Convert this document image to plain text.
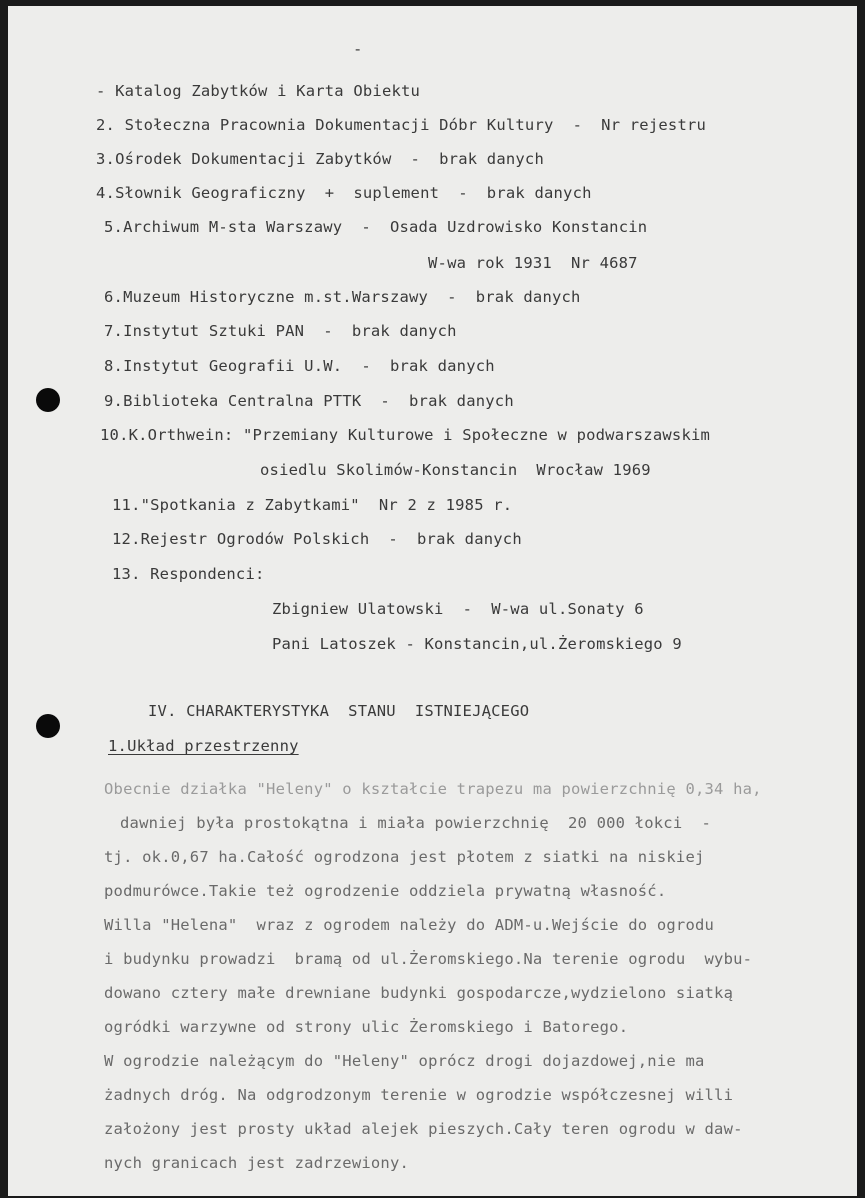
-
- Katalog Zabytków i Karta Obiektu
2. Stołeczna Pracownia Dokumentacji Dóbr Kultury  -  Nr rejestru
3.Ośrodek Dokumentacji Zabytków  -  brak danych
4.Słownik Geograficzny  +  suplement  -  brak danych
5.Archiwum M-sta Warszawy  -  Osada Uzdrowisko Konstancin
W-wa rok 1931  Nr 4687
6.Muzeum Historyczne m.st.Warszawy  -  brak danych
7.Instytut Sztuki PAN  -  brak danych
8.Instytut Geografii U.W.  -  brak danych
9.Biblioteka Centralna PTTK  -  brak danych
10.K.Orthwein: "Przemiany Kulturowe i Społeczne w podwarszawskim
osiedlu Skolimów-Konstancin  Wrocław 1969
11."Spotkania z Zabytkami"  Nr 2 z 1985 r.
12.Rejestr Ogrodów Polskich  -  brak danych
13. Respondenci:
Zbigniew Ulatowski  -  W-wa ul.Sonaty 6
Pani Latoszek - Konstancin,ul.Żeromskiego 9
IV. CHARAKTERYSTYKA  STANU  ISTNIEJĄCEGO
1.Układ przestrzenny
Obecnie działka "Heleny" o kształcie trapezu ma powierzchnię 0,34 ha,
dawniej była prostokątna i miała powierzchnię  20 000 łokci  -
tj. ok.0,67 ha.Całość ogrodzona jest płotem z siatki na niskiej
podmurówce.Takie też ogrodzenie oddziela prywatną własność.
Willa "Helena"  wraz z ogrodem należy do ADM-u.Wejście do ogrodu
i budynku prowadzi  bramą od ul.Żeromskiego.Na terenie ogrodu  wybu-
dowano cztery małe drewniane budynki gospodarcze,wydzielono siatką
ogródki warzywne od strony ulic Żeromskiego i Batorego.
W ogrodzie należącym do "Heleny" oprócz drogi dojazdowej,nie ma
żadnych dróg. Na odgrodzonym terenie w ogrodzie współczesnej willi
założony jest prosty układ alejek pieszych.Cały teren ogrodu w daw-
nych granicach jest zadrzewiony.
